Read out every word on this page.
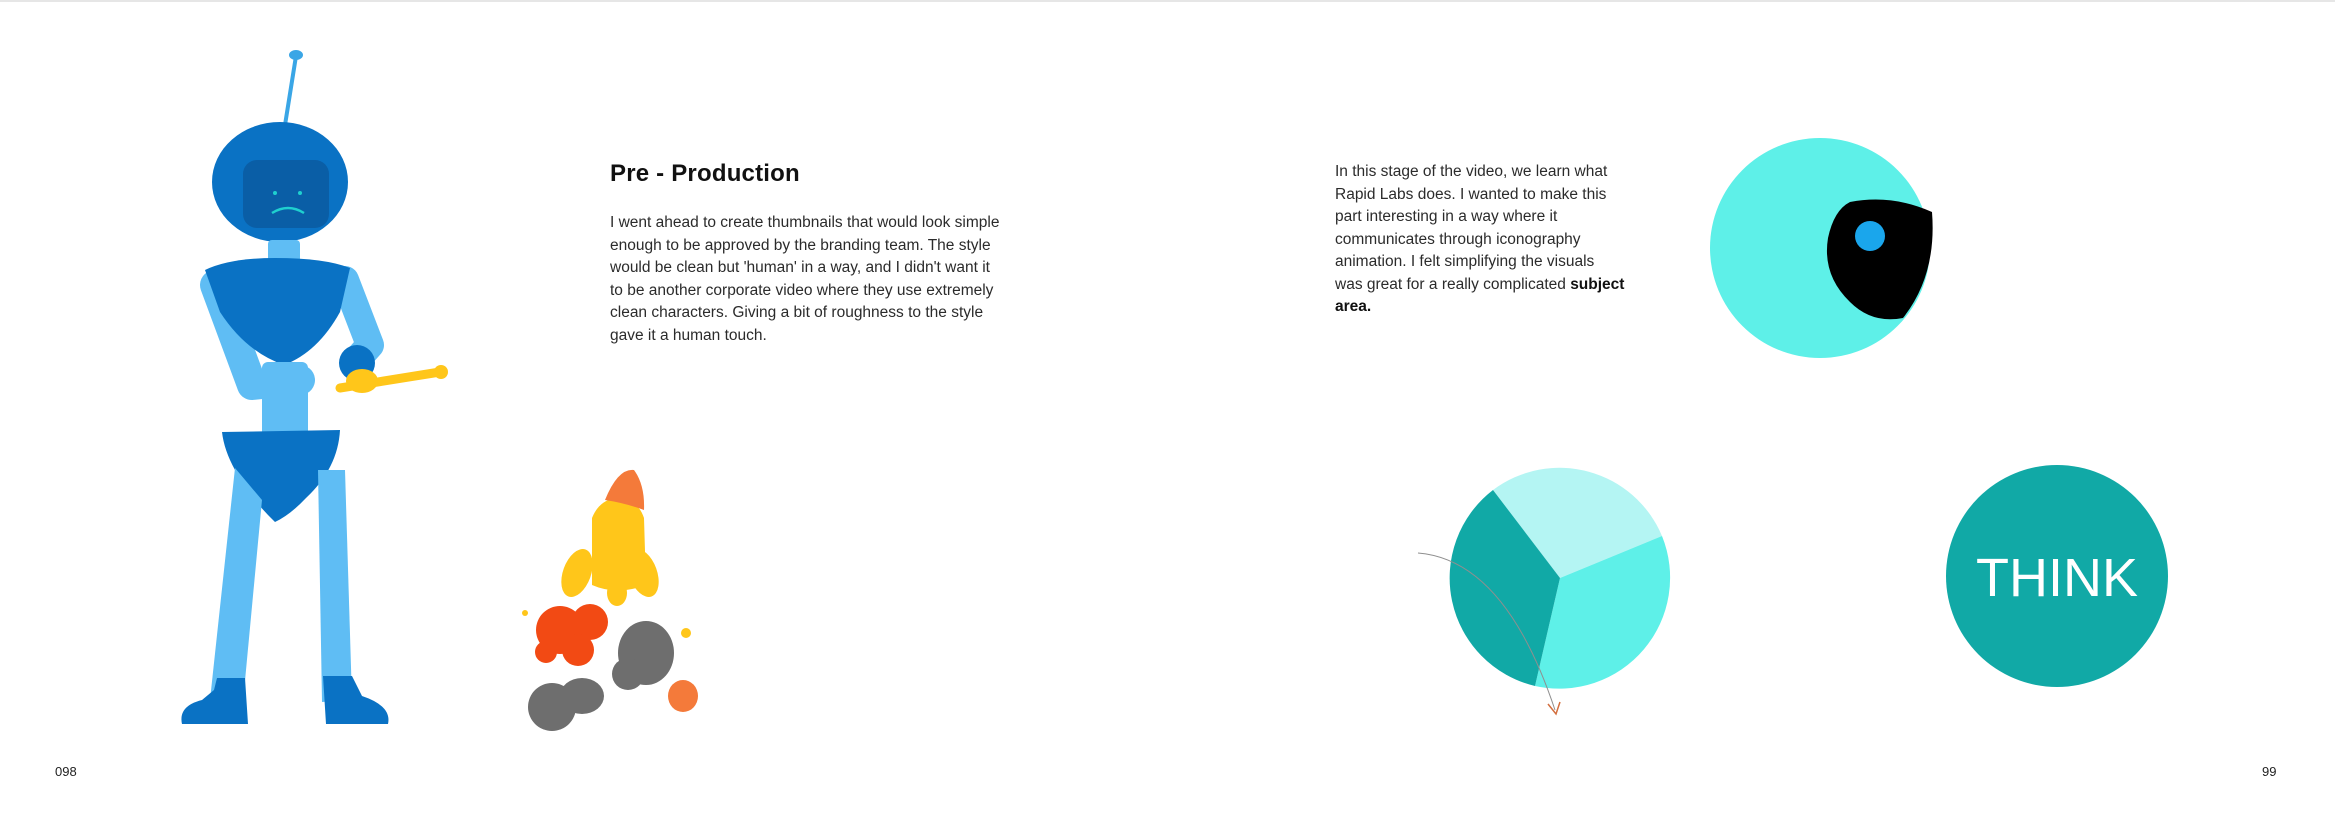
Pre - Production

I went ahead to create thumbnails that would look simple enough to be approved by the branding team. The style would be clean but 'human' in a way, and I didn't want it to be another corporate video where they use extremely clean characters. Giving a bit of roughness to the style gave it a human touch.

In this stage of the video, we learn what Rapid Labs does. I wanted to make this part interesting in a way where it communicates through iconography animation. I felt simplifying the visuals was great for a really complicated subject area.

THINK
098	99
